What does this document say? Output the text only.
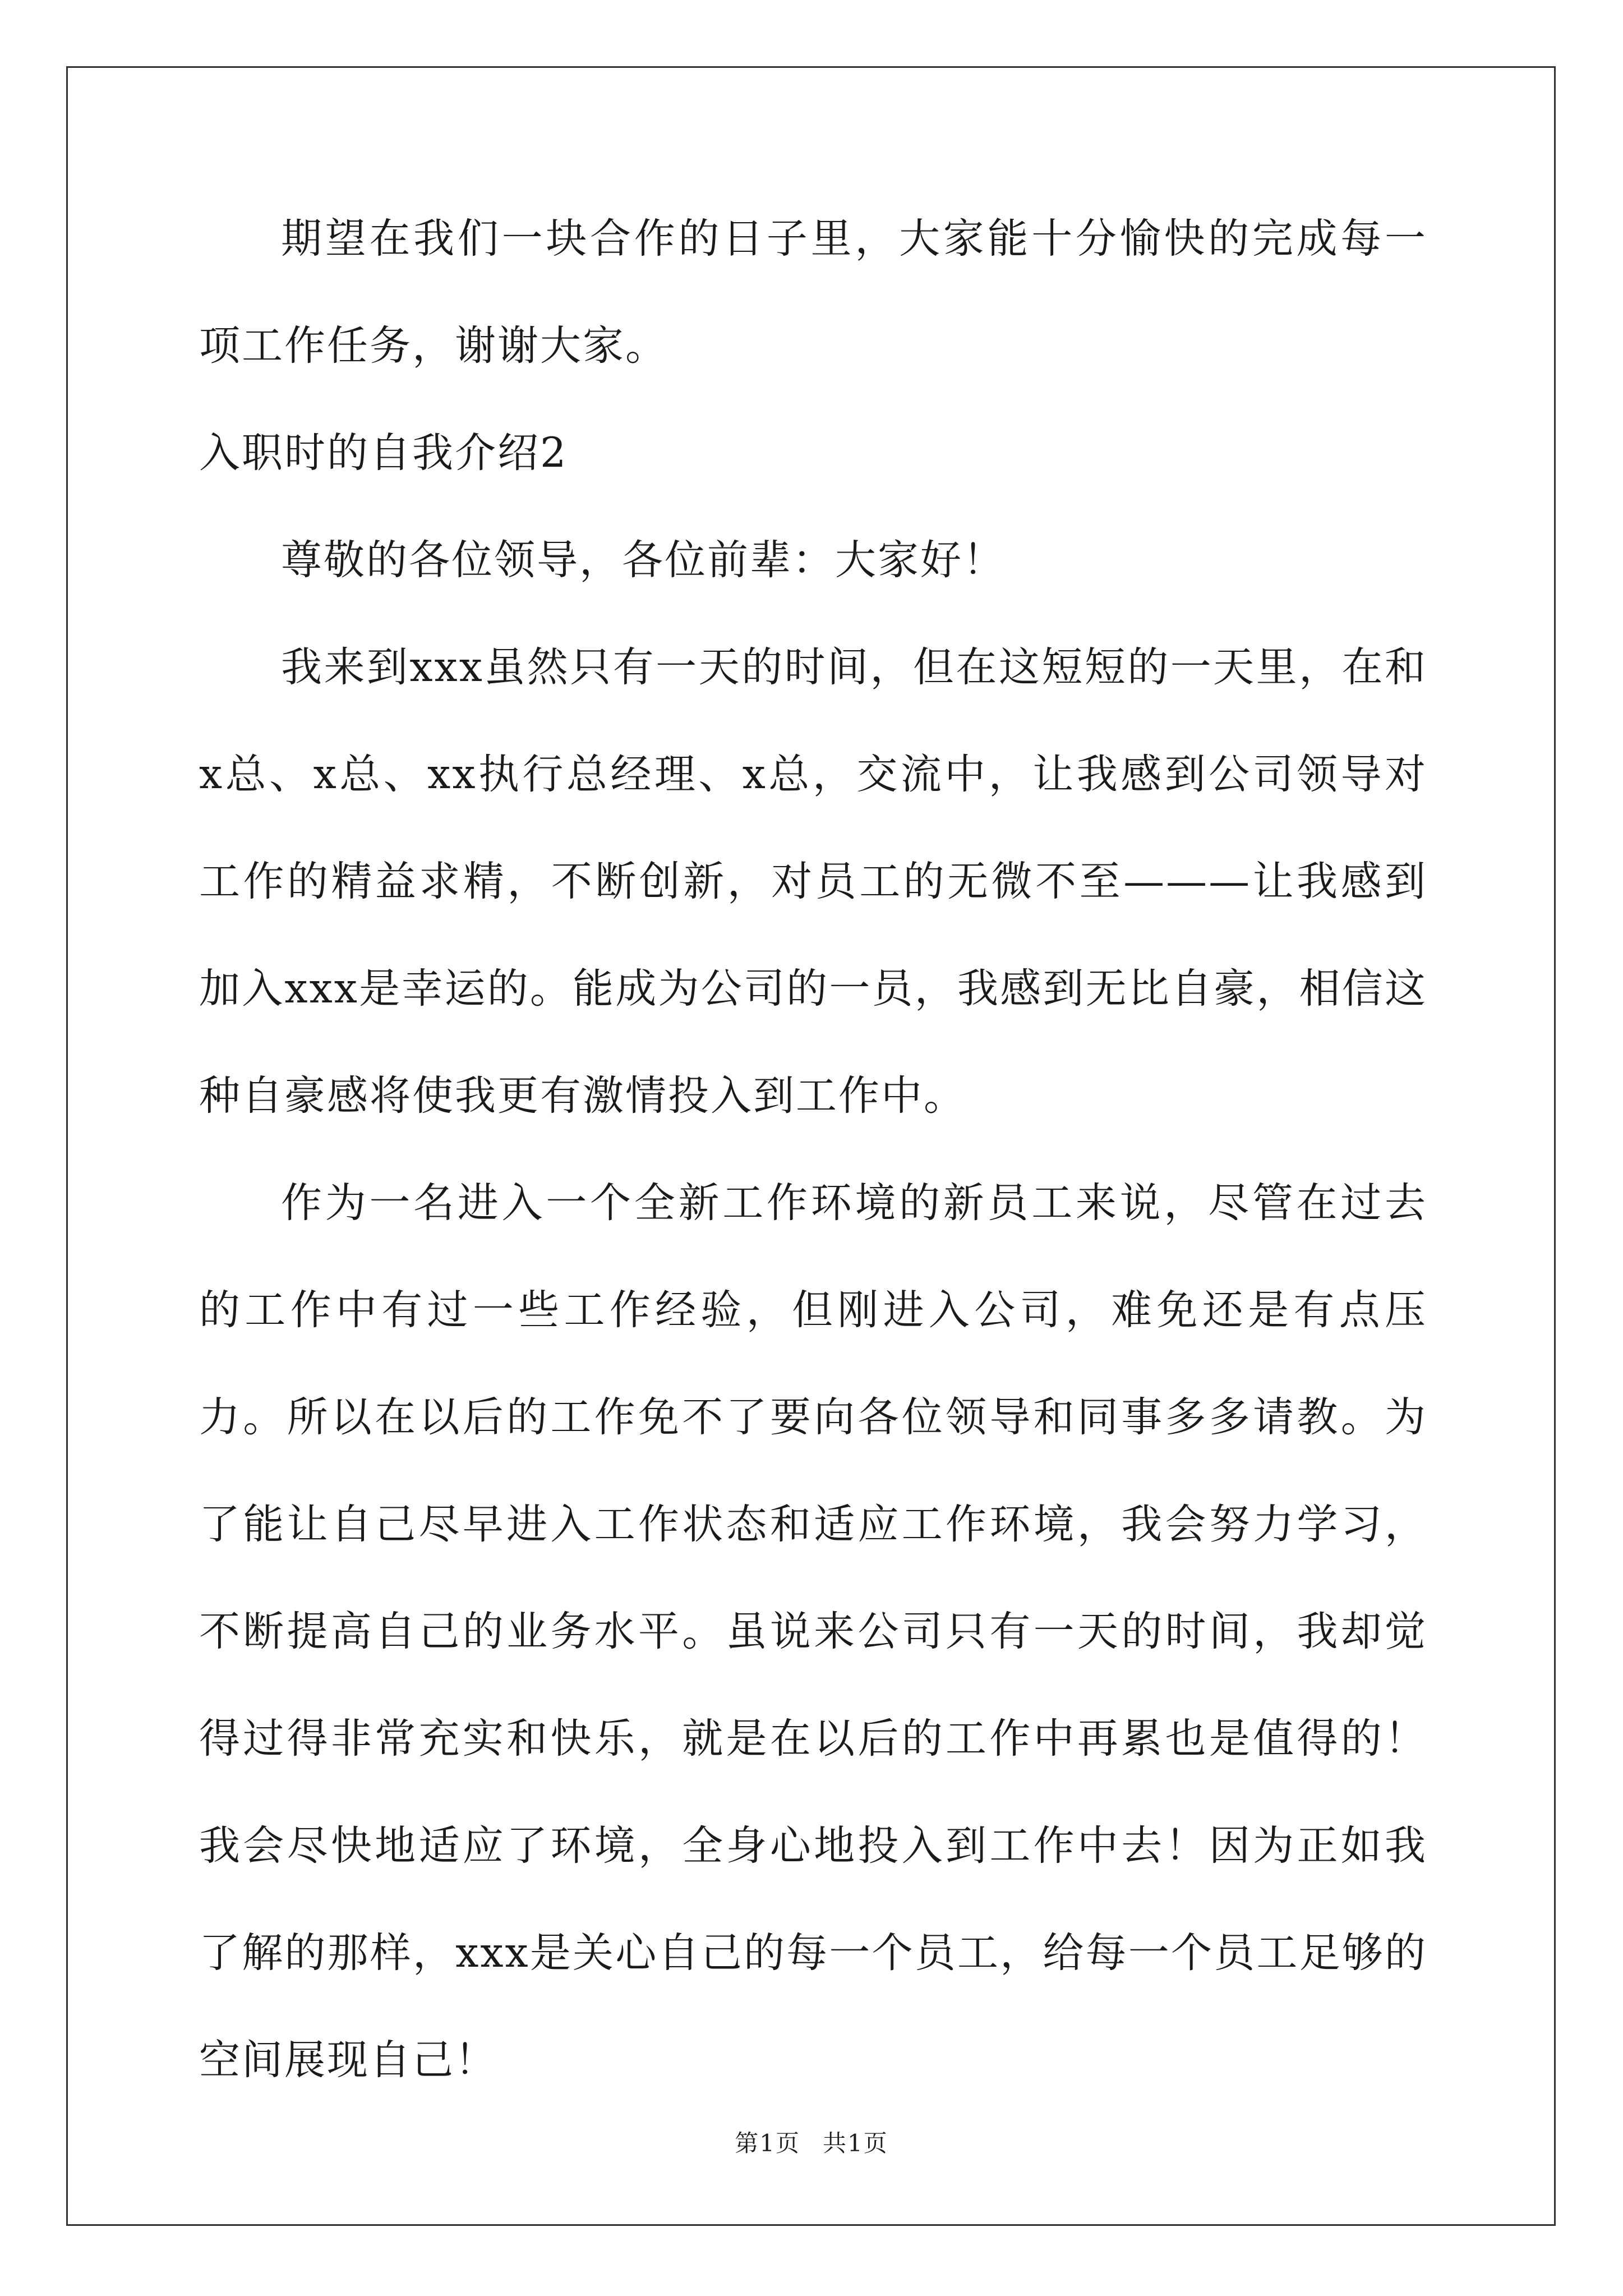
期望在我们一块合作的日子里，大家能十分愉快的完成每一项工作任务，谢谢大家。

入职时的自我介绍2

尊敬的各位领导，各位前辈：大家好！

我来到xxx虽然只有一天的时间，但在这短短的一天里，在和x总、x总、xx执行总经理、x总，交流中，让我感到公司领导对工作的精益求精，不断创新，对员工的无微不至———让我感到加入xxx是幸运的。能成为公司的一员，我感到无比自豪，相信这种自豪感将使我更有激情投入到工作中。

作为一名进入一个全新工作环境的新员工来说，尽管在过去的工作中有过一些工作经验，但刚进入公司，难免还是有点压力。所以在以后的工作免不了要向各位领导和同事多多请教。为了能让自己尽早进入工作状态和适应工作环境，我会努力学习，不断提高自己的业务水平。虽说来公司只有一天的时间，我却觉得过得非常充实和快乐，就是在以后的工作中再累也是值得的！我会尽快地适应了环境，全身心地投入到工作中去！因为正如我了解的那样，xxx是关心自己的每一个员工，给每一个员工足够的空间展现自己！

第1页 共1页
